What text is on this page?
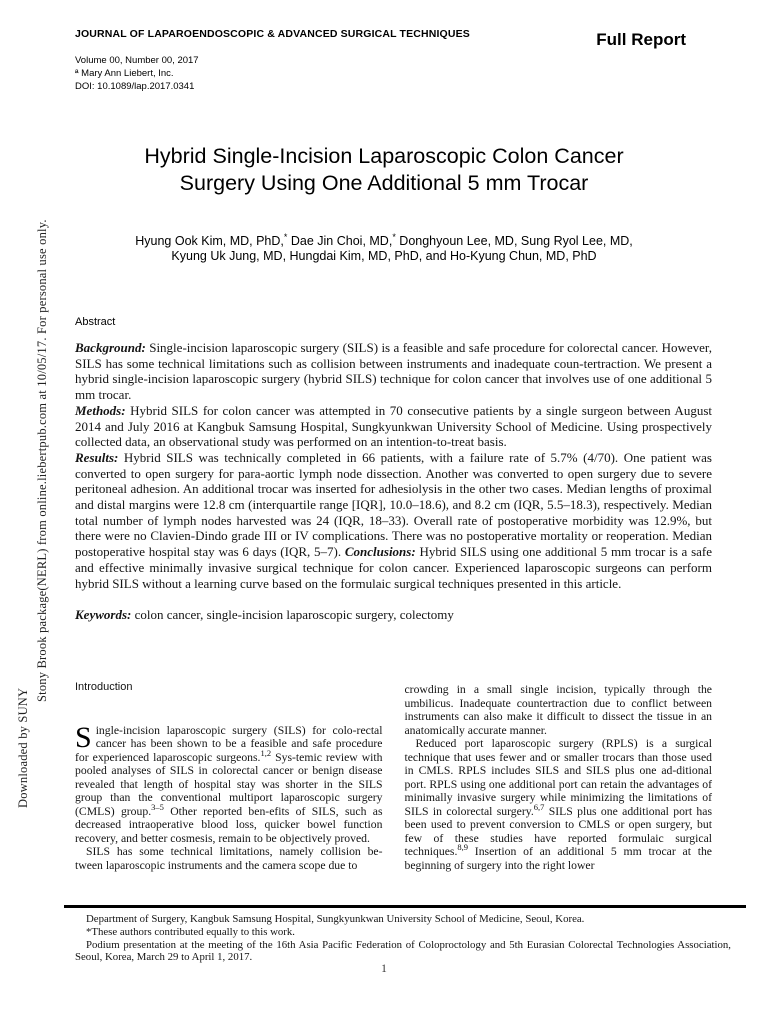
Downloaded by SUNY
Stony Brook package(NERL) from online.liebertpub.com at 10/05/17. For personal use only.
JOURNAL OF LAPAROENDOSCOPIC & ADVANCED SURGICAL TECHNIQUES	Full Report
Volume 00, Number 00, 2017
ª Mary Ann Liebert, Inc.
DOI: 10.1089/lap.2017.0341
Hybrid Single-Incision Laparoscopic Colon Cancer
Surgery Using One Additional 5 mm Trocar
Hyung Ook Kim, MD, PhD,* Dae Jin Choi, MD,* Donghyoun Lee, MD, Sung Ryol Lee, MD,
Kyung Uk Jung, MD, Hungdai Kim, MD, PhD, and Ho-Kyung Chun, MD, PhD
Abstract

Background: Single-incision laparoscopic surgery (SILS) is a feasible and safe procedure for colorectal cancer. However, SILS has some technical limitations such as collision between instruments and inadequate coun-tertraction. We present a hybrid single-incision laparoscopic surgery (hybrid SILS) technique for colon cancer that involves use of one additional 5 mm trocar.

Methods: Hybrid SILS for colon cancer was attempted in 70 consecutive patients by a single surgeon between August 2014 and July 2016 at Kangbuk Samsung Hospital, Sungkyunkwan University School of Medicine. Using prospectively collected data, an observational study was performed on an intention-to-treat basis.

Results: Hybrid SILS was technically completed in 66 patients, with a failure rate of 5.7% (4/70). One patient was converted to open surgery for para-aortic lymph node dissection. Another was converted to open surgery due to severe peritoneal adhesion. An additional trocar was inserted for adhesiolysis in the other two cases. Median lengths of proximal and distal margins were 12.8 cm (interquartile range [IQR], 10.0–18.6), and 8.2 cm (IQR, 5.5–18.3), respectively. Median total number of lymph nodes harvested was 24 (IQR, 18–33). Overall rate of postoperative morbidity was 12.9%, but there were no Clavien-Dindo grade III or IV complications. There was no postoperative mortality or reoperation. Median postoperative hospital stay was 6 days (IQR, 5–7). Conclusions: Hybrid SILS using one additional 5 mm trocar is a safe and effective minimally invasive surgical technique for colon cancer. Experienced laparoscopic surgeons can perform hybrid SILS without a learning curve based on the formulaic surgical techniques presented in this article.

Keywords: colon cancer, single-incision laparoscopic surgery, colectomy

Introduction

Single-incision laparoscopic surgery (SILS) for colo-rectal cancer has been shown to be a feasible and safe procedure for experienced laparoscopic surgeons.$^{1,2}$ Sys-temic review with pooled analyses of SILS in colorectal cancer or benign disease revealed that length of hospital stay was shorter in the SILS group than the conventional multiport laparoscopic surgery (CMLS) group.$^{3-5}$ Other reported ben-efits of SILS, such as decreased intraoperative blood loss, quicker bowel function recovery, and better cosmesis, remain to be objectively proved.

SILS has some technical limitations, namely collision be-tween laparoscopic instruments and the camera scope due to

crowding in a small single incision, typically through the umbilicus. Inadequate countertraction due to conflict between instruments can also make it difficult to dissect the tissue in an anatomically accurate manner.

Reduced port laparoscopic surgery (RPLS) is a surgical technique that uses fewer and or smaller trocars than those used in CMLS. RPLS includes SILS and SILS plus one ad-ditional port. RPLS using one additional port can retain the advantages of minimally invasive surgery while minimizing the limitations of SILS in colorectal surgery.$^{6,7}$ SILS plus one additional port has been used to prevent conversion to CMLS or open surgery, but few of these studies have reported formulaic surgical techniques.$^{8,9}$ Insertion of an additional 5 mm trocar at the beginning of surgery into the right lower

Department of Surgery, Kangbuk Samsung Hospital, Sungkyunkwan University School of Medicine, Seoul, Korea.

*These authors contributed equally to this work.

Podium presentation at the meeting of the 16th Asia Pacific Federation of Coloproctology and 5th Eurasian Colorectal Technologies Association, Seoul, Korea, March 29 to April 1, 2017.

1
